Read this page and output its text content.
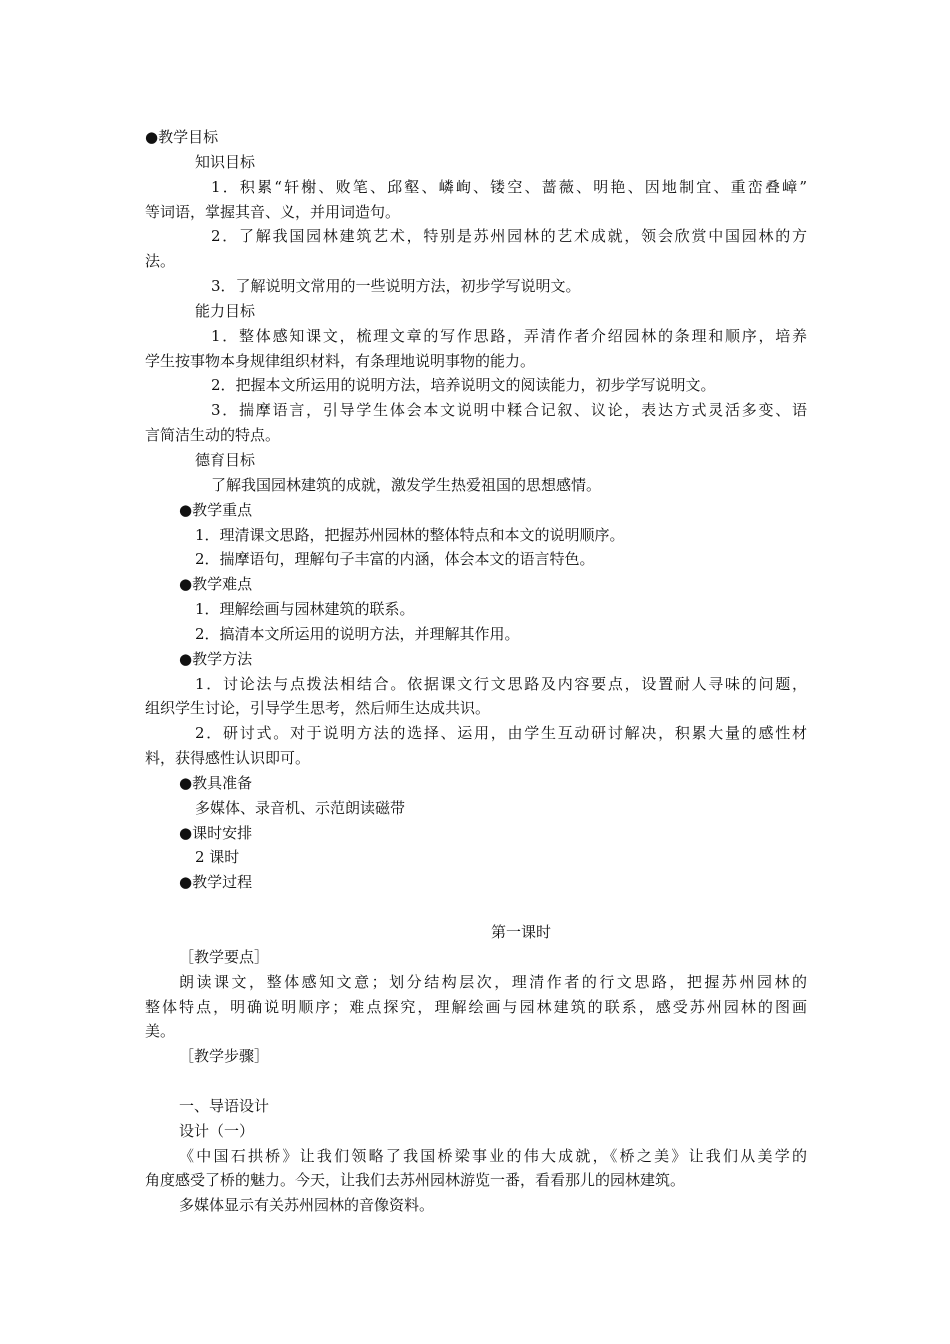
●教学目标
知识目标
1．积累“轩榭、败笔、邱壑、嶙峋、镂空、蔷薇、明艳、因地制宜、重峦叠嶂”
等词语，掌握其音、义，并用词造句。
2．了解我国园林建筑艺术，特别是苏州园林的艺术成就，领会欣赏中国园林的方
法。
3．了解说明文常用的一些说明方法，初步学写说明文。
能力目标
1．整体感知课文，梳理文章的写作思路，弄清作者介绍园林的条理和顺序，培养
学生按事物本身规律组织材料，有条理地说明事物的能力。
2．把握本文所运用的说明方法，培养说明文的阅读能力，初步学写说明文。
3．揣摩语言，引导学生体会本文说明中糅合记叙、议论，表达方式灵活多变、语
言简洁生动的特点。
德育目标
了解我国园林建筑的成就，激发学生热爱祖国的思想感情。
●教学重点
1．理清课文思路，把握苏州园林的整体特点和本文的说明顺序。
2．揣摩语句，理解句子丰富的内涵，体会本文的语言特色。
●教学难点
1．理解绘画与园林建筑的联系。
2．搞清本文所运用的说明方法，并理解其作用。
●教学方法
1．讨论法与点拨法相结合。依据课文行文思路及内容要点，设置耐人寻味的问题，
组织学生讨论，引导学生思考，然后师生达成共识。
2．研讨式。对于说明方法的选择、运用，由学生互动研讨解决，积累大量的感性材
料，获得感性认识即可。
●教具准备
多媒体、录音机、示范朗读磁带
●课时安排
2 课时
●教学过程
第一课时
［教学要点］
朗读课文，整体感知文意；划分结构层次，理清作者的行文思路，把握苏州园林的
整体特点，明确说明顺序；难点探究，理解绘画与园林建筑的联系，感受苏州园林的图画
美。
［教学步骤］
一、导语设计
设计（一）
《中国石拱桥》让我们领略了我国桥梁事业的伟大成就，《桥之美》让我们从美学的
角度感受了桥的魅力。今天，让我们去苏州园林游览一番，看看那儿的园林建筑。
多媒体显示有关苏州园林的音像资料。
